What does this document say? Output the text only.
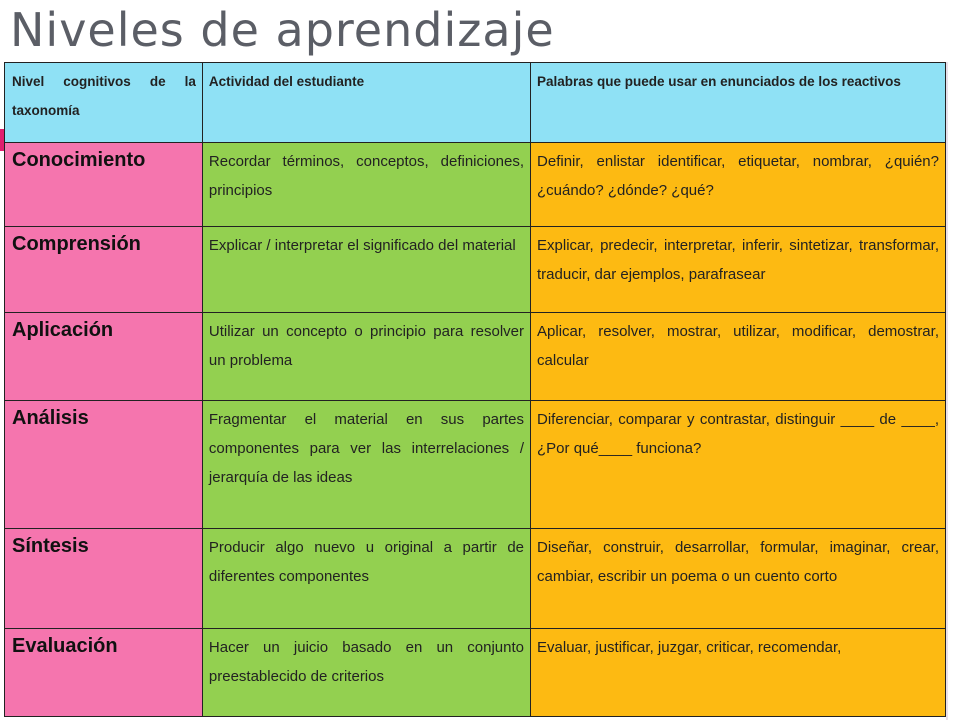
Niveles de aprendizaje
Nivel cognitivos de la taxonomía	Actividad del estudiante	Palabras que puede usar en enunciados de los reactivos

Conocimiento	Recordar términos, conceptos, definiciones, principios	Definir, enlistar identificar, etiquetar, nombrar, ¿quién? ¿cuándo? ¿dónde? ¿qué?

Comprensión	Explicar / interpretar el significado del material	Explicar, predecir, interpretar, inferir, sintetizar, transformar, traducir, dar ejemplos, parafrasear

Aplicación	Utilizar un concepto o principio para resolver un problema	Aplicar, resolver, mostrar, utilizar, modificar, demostrar, calcular

Análisis	Fragmentar el material en sus partes componentes para ver las interrelaciones / jerarquía de las ideas	Diferenciar, comparar y contrastar, distinguir ____ de ____,¿Por qué____ funciona?

Síntesis	Producir algo nuevo u original a partir de diferentes componentes	Diseñar, construir, desarrollar, formular, imaginar, crear, cambiar, escribir un poema o un cuento corto

Evaluación	Hacer un juicio basado en un conjunto preestablecido de criterios	Evaluar, justificar, juzgar, criticar, recomendar,
